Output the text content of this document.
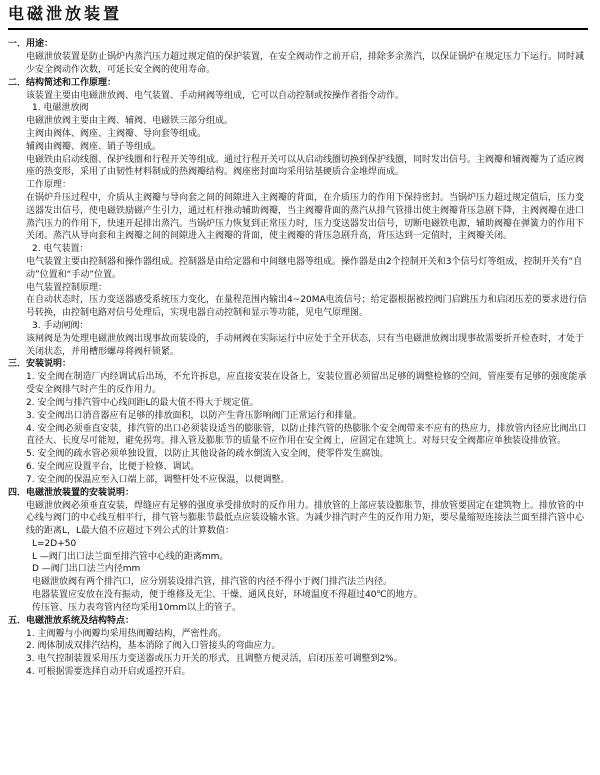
电磁泄放装置
一．用途：

电磁泄放装置是防止锅炉内蒸汽压力超过规定值的保护装置，在安全阀动作之前开启，排除多余蒸汽，以保证锅炉在规定压力下运行。同时减少安全阀动作次数，可延长安全阀的使用寿命。

二．结构简述和工作原理：

该装置主要由电磁泄放阀、电气装置、手动闸阀等组成，它可以自动控制或按操作者指令动作。

1. 电磁泄放阀

电磁泄放阀主要由主阀、辅阀、电磁铁三部分组成。

主阀由阀体、阀座、主阀瓣、导向套等组成。

辅阀由阀瓣、阀座、销子等组成。

电磁铁由启动线圈、保护线圈和行程开关等组成。通过行程开关可以从启动线圈切换到保护线圈，同时发出信号。主阀瓣和辅阀瓣为了适应阀座的热变形，采用了由韧性材料制成的热阀瓣结构。阀座密封面均采用钴基硬质合金堆焊而成。

工作原理：

在锅炉升压过程中，介质从主阀瓣与导向套之间的间隙进入主阀瓣的背面，在介质压力的作用下保持密封。当锅炉压力超过规定值后，压力变送器发出信号，使电磁铁励磁产生引力，通过杠杆推动辅助阀瓣，当主阀瓣背面的蒸汽从排气管排出使主阀瓣背压急剧下降，主阀阀瓣在进口蒸汽压力的作用下，快速开起排出蒸汽。当锅炉压力恢复到正常压力时，压力变送器发出信号，切断电磁铁电源，辅助阀瓣在弹簧力的作用下关闭。蒸汽从导向套和主阀瓣之间的间隙进入主阀瓣的背面，使主阀瓣的背压急剧升高，背压达到一定值时，主阀瓣关闭。

2. 电气装置：

电气装置主要由控制器和操作器组成。控制器是由给定器和中间继电器等组成。操作器是由2个控制开关和3个信号灯等组成，控制开关有“自动”位置和“手动”位置。

电气装置控制原理：

在自动状态时，压力变送器感受系统压力变化，在量程范围内输出4~20MA电流信号；给定器根据被控阀门启跳压力和启闭压差的要求进行信号转换，由控制电路对信号处理后，实现电器自动控制和显示等功能，见电气原理图。

3. 手动闸阀：

该闸阀是为处理电磁泄放阀出现事故而装设的，手动闸阀在实际运行中应处于全开状态，只有当电磁泄放阀出现事故需要折开检查时，才处于关闭状态，并用槽形螺母将阀杆锁紧。

三．安装说明：

1. 安全阀在制造厂内经调试后出场，不允许拆息，应直接安装在设备上，安装位置必须留出足够的调整检修的空间，管座要有足够的强度能承受安全阀排气时产生的反作用力。

2. 安全阀与排汽管中心线间距L的最大值不得大于规定值。

3. 安全阀出口消音器应有足够的排放面积，以防产生背压影响阀门正常运行和排量。

4. 安全阀必须垂直安装，排汽管的出口必须装设适当的膨胀管，以防止排汽管的热膨胀个安全阀带来不应有的热应力，排放管内径应比阀出口直径大、长度尽可能短，避免拐弯。排入管及膨胀节的质量不应作用在安全阀上，应固定在建筑上。对每只安全阀都应单独装设排放管。

5. 安全阀的疏水管必须单独设置，以防止其他设备的疏水倒流入安全阀，使零件发生腐蚀。

6. 安全阀应设置平台，比便于检修、调试。

7. 安全阀的保温应至入口端上部，调整杆处不应保温，以便调整。

四．电磁泄放装置的安装说明：

电磁泄放阀必须垂直安装，焊缝应有足够的强度承受排放时的反作用力。排放管的上部应装设膨胀节，排放管要固定在建筑物上。排放管的中心线与阀门的中心线互相平行，排气管与膨胀节最低点应装设输水管。为减少排汽时产生的反作用力矩，要尽量缩短连接法兰面至排汽管中心线的距离L，L最大值不应超过下列公式的计算数值：

L=2D+50

L —阀门出口法兰面至排汽管中心线的距离mm。

D —阀门出口法兰内径mm

电磁泄放阀有两个排汽口，应分别装设排汽管，排汽管的内径不得小于阀门排汽法兰内径。

电器装置应安放在没有振动，便于维修及无尘、干燥、通风良好，环境温度不得超过40℃的地方。

传压管、压力表弯管内径均采用10mm以上的管子。

五．电磁泄放系统及结构特点：

1. 主阀瓣与小阀瓣均采用热阀瓣结构，严密性高。

2. 阀体制成双排汽结构，基本消除了阀入口管接头的弯曲应力。

3. 电气控制装置采用压力变送器或压力开关的形式，且调整方便灵活，启闭压差可调整到2%。

4. 可根据需要选择自动开启或遥控开启。
